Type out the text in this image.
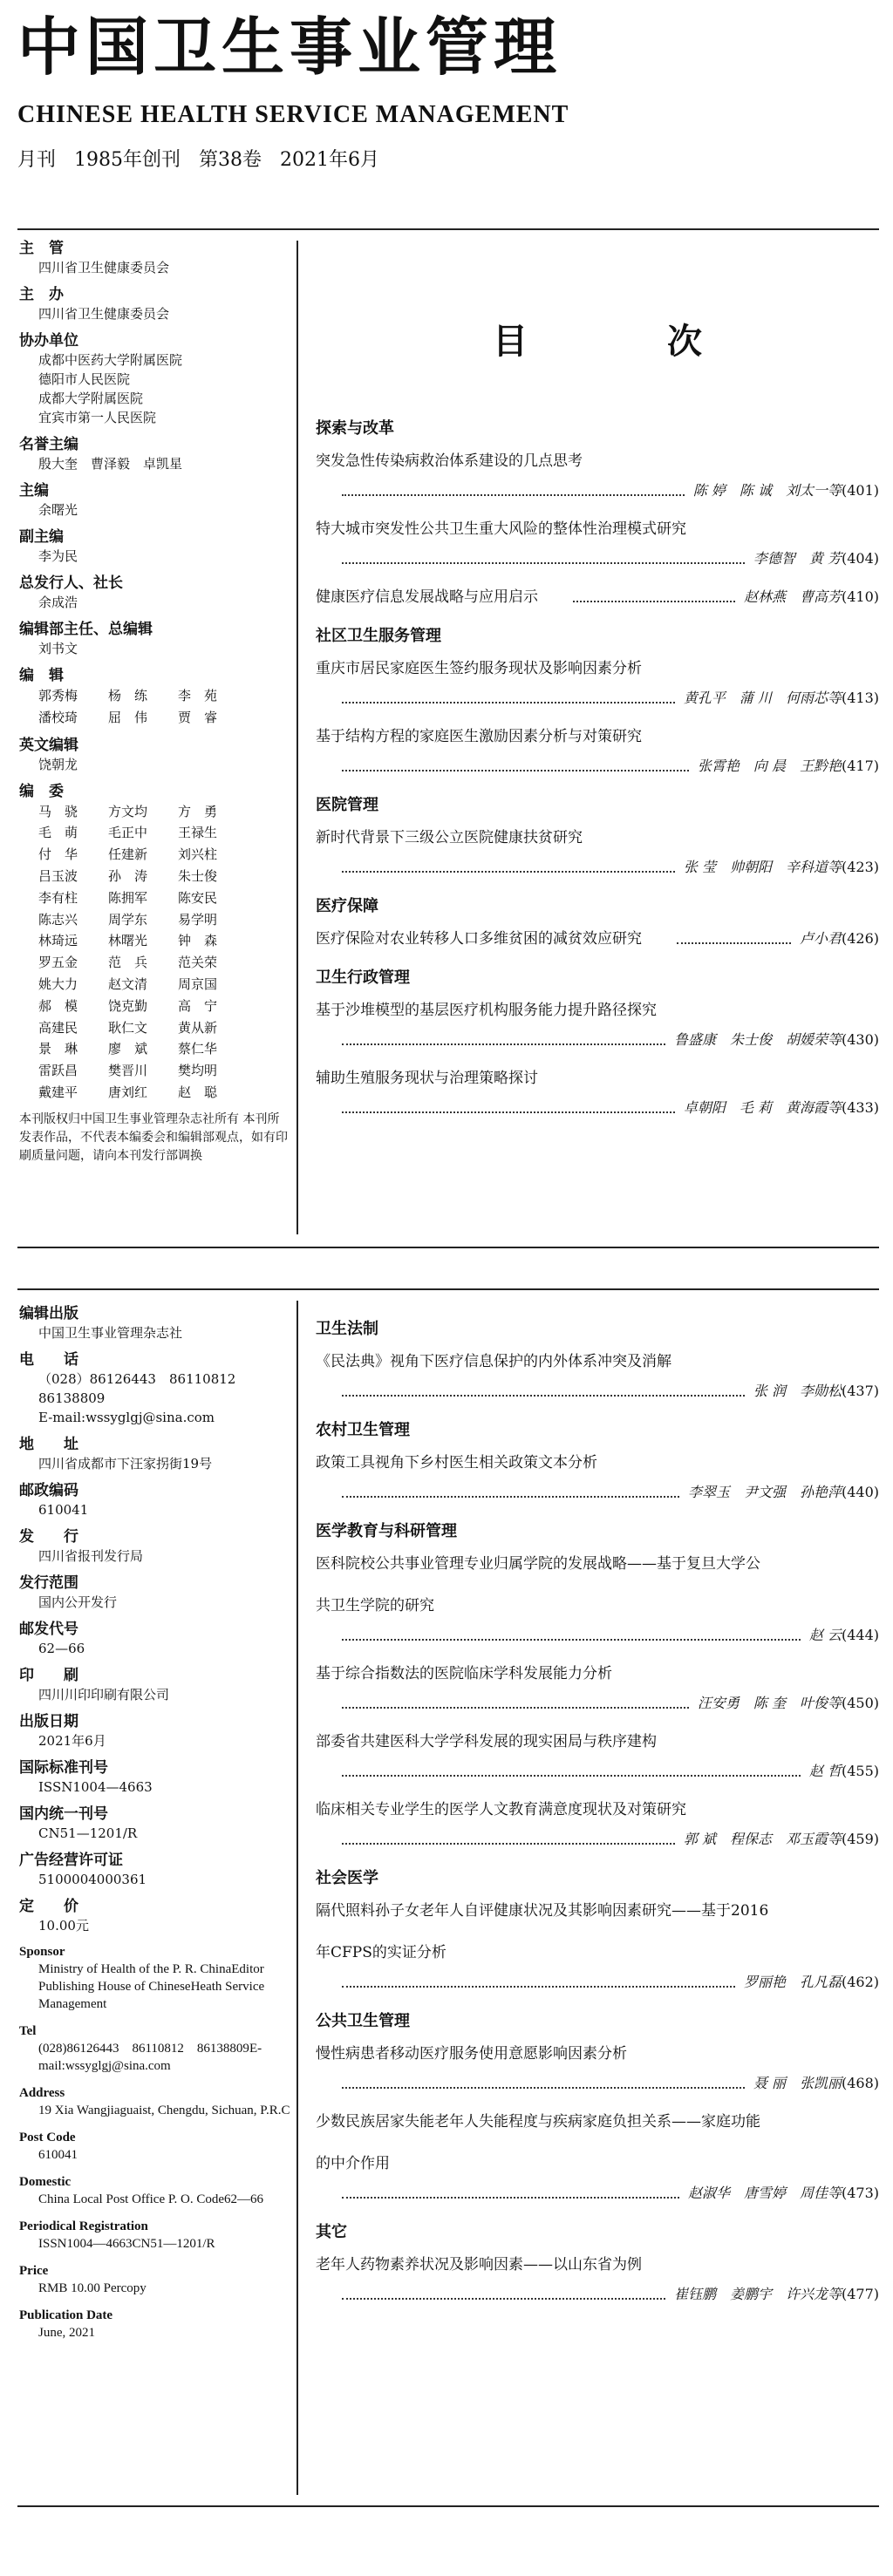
中国卫生事业管理
CHINESE HEALTH SERVICE MANAGEMENT
月刊 1985年创刊 第38卷 2021年6月
主　管
四川省卫生健康委员会
主　办
四川省卫生健康委员会
协办单位
成都中医药大学附属医院
德阳市人民医院
成都大学附属医院
宜宾市第一人民医院
名誉主编
殷大奎　曹泽毅　卓凯星
主编
余曙光
副主编
李为民
总发行人、社长
余成浩
编辑部主任、总编辑
刘书文
编　辑
郭秀梅	杨　练	李　苑
潘校琦	屈　伟	贾　睿
英文编辑
饶朝龙
编　委
马　骁	方文均	方　勇
毛　萌	毛正中	王禄生
付　华	任建新	刘兴柱
吕玉波	孙　涛	朱士俊
李有柱	陈拥军	陈安民
陈志兴	周学东	易学明
林琦远	林曙光	钟　森
罗五金	范　兵	范关荣
姚大力	赵文清	周京国
郝　模	饶克勤	高　宁
高建民	耿仁文	黄从新
景　琳	廖　斌	蔡仁华
雷跃昌	樊晋川	樊均明
戴建平	唐刘红	赵　聪
本刊版权归中国卫生事业管理杂志社所有 本刊所发表作品，不代表本编委会和编辑部观点，如有印刷质量问题，请向本刊发行部调换
目　次
探索与改革
突发急性传染病救治体系建设的几点思考
陈 婷　陈 诚　刘太一等 (401)
特大城市突发性公共卫生重大风险的整体性治理模式研究
李德智　黄 芳 (404)
健康医疗信息发展战略与应用启示	赵林燕　曹高芳 (410)
社区卫生服务管理
重庆市居民家庭医生签约服务现状及影响因素分析
黄孔平　蒲 川　何雨芯等 (413)
基于结构方程的家庭医生激励因素分析与对策研究
张霄艳　向 晨　王黔艳 (417)
医院管理
新时代背景下三级公立医院健康扶贫研究
张 莹　帅朝阳　辛科道等 (423)
医疗保障
医疗保险对农业转移人口多维贫困的减贫效应研究	卢小君 (426)
卫生行政管理
基于沙堆模型的基层医疗机构服务能力提升路径探究
鲁盛康　朱士俊　胡媛荣等 (430)
辅助生殖服务现状与治理策略探讨
卓朝阳　毛 莉　黄海霞等 (433)
编辑出版
中国卫生事业管理杂志社
电　　话
（028）86126443　86110812　86138809
E-mail:wssyglgj@sina.com
地　　址
四川省成都市下汪家拐街19号
邮政编码
610041
发　　行
四川省报刊发行局
发行范围
国内公开发行
邮发代号
62—66
印　　刷
四川川印印刷有限公司
出版日期
2021年6月
国际标准刊号
ISSN1004—4663
国内统一刊号
CN51—1201/R
广告经营许可证
5100004000361
定　　价
10.00元
Sponsor
Ministry of Health of the P. R. ChinaEditor Publishing House of ChineseHeath Service Management
Tel
(028)86126443　86110812　86138809E-mail:wssyglgj@sina.com
Address
19 Xia Wangjiaguaist, Chengdu, Sichuan, P.R.C
Post Code
610041
Domestic
China Local Post Office P. O. Code62—66
Periodical Registration
ISSN1004—4663CN51—1201/R
Price
RMB 10.00 Percopy
Publication Date
June, 2021
卫生法制
《民法典》视角下医疗信息保护的内外体系冲突及消解
张 润　李勋松 (437)
农村卫生管理
政策工具视角下乡村医生相关政策文本分析
李翠玉　尹文强　孙艳萍 (440)
医学教育与科研管理
医科院校公共事业管理专业归属学院的发展战略——基于复旦大学公
共卫生学院的研究
赵 云 (444)
基于综合指数法的医院临床学科发展能力分析
汪安勇　陈 奎　叶俊等 (450)
部委省共建医科大学学科发展的现实困局与秩序建构
赵 哲 (455)
临床相关专业学生的医学人文教育满意度现状及对策研究
郭 斌　程保志　邓玉霞等 (459)
社会医学
隔代照料孙子女老年人自评健康状况及其影响因素研究——基于2016
年CFPS的实证分析
罗丽艳　孔凡磊 (462)
公共卫生管理
慢性病患者移动医疗服务使用意愿影响因素分析
聂 丽　张凯丽 (468)
少数民族居家失能老年人失能程度与疾病家庭负担关系——家庭功能
的中介作用
赵淑华　唐雪婷　周佳等 (473)
其它
老年人药物素养状况及影响因素——以山东省为例
崔钰鹏　姜鹏宇　许兴龙等 (477)
